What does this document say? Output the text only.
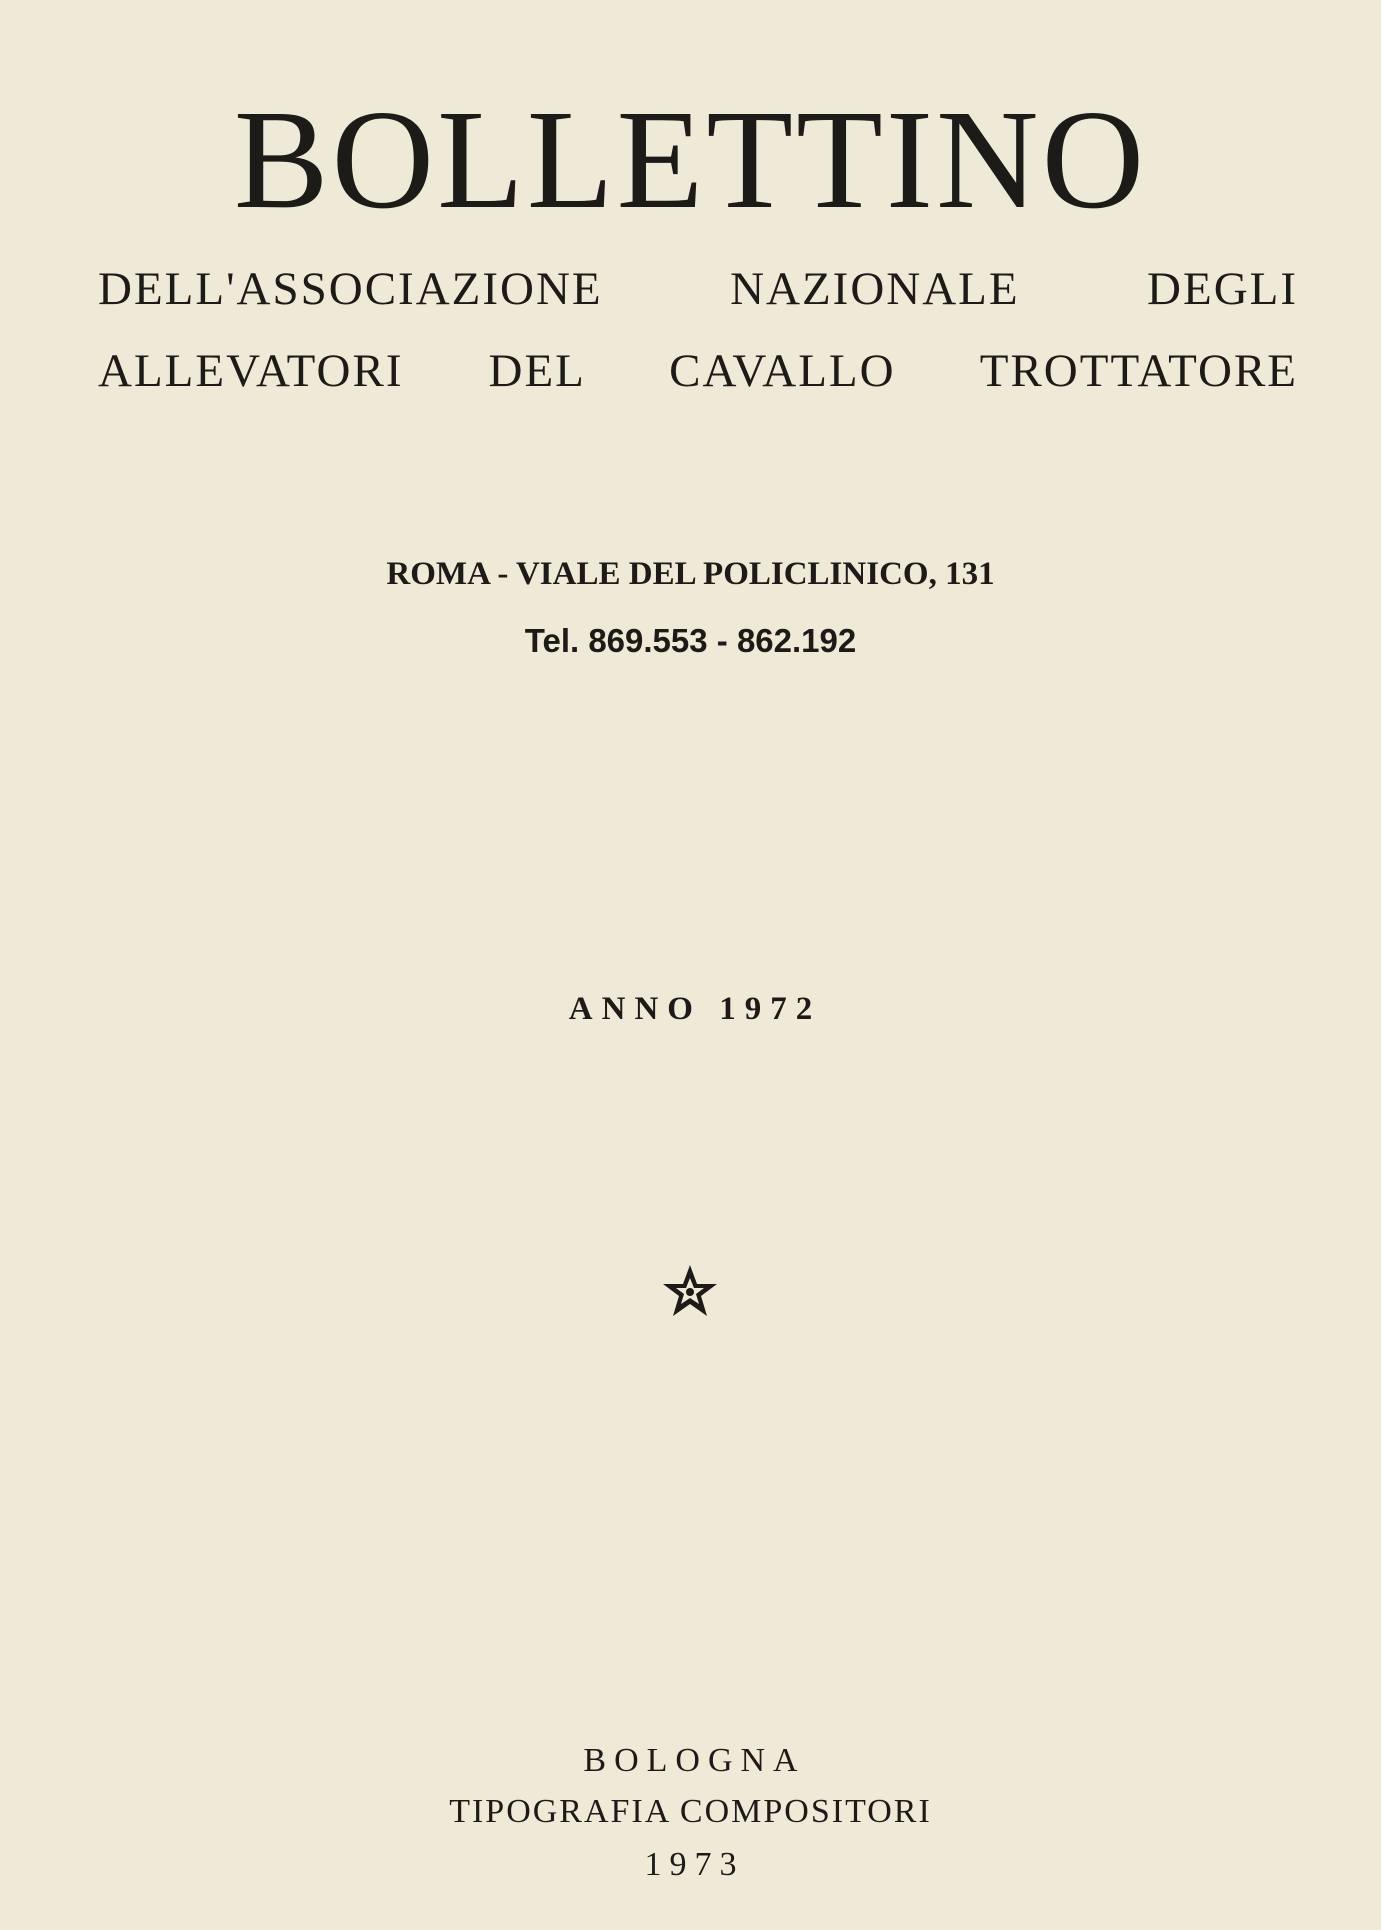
BOLLETTINO
DELL'ASSOCIAZIONE NAZIONALE DEGLI
ALLEVATORI DEL CAVALLO TROTTATORE
ROMA - VIALE DEL POLICLINICO, 131
Tel. 869.553 - 862.192
ANNO 1972
BOLOGNA
TIPOGRAFIA COMPOSITORI
1973
